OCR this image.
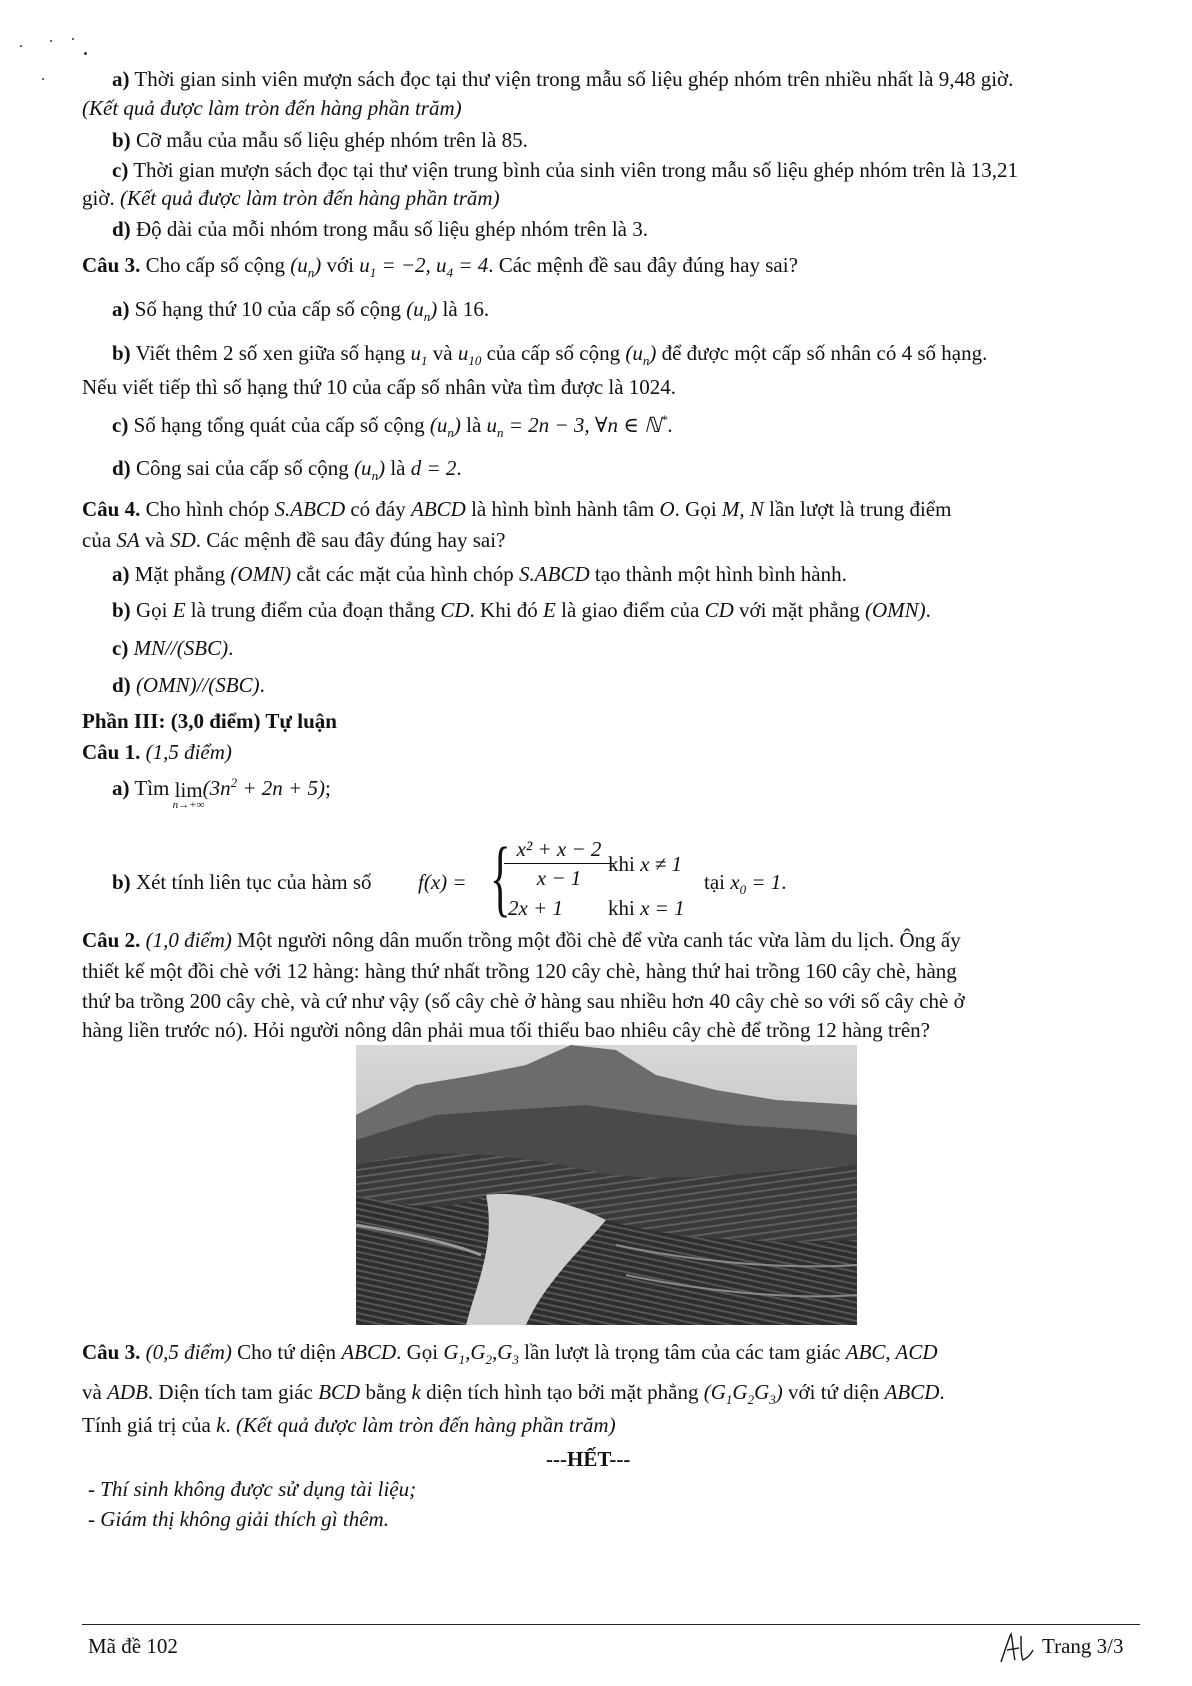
a) Thời gian sinh viên mượn sách đọc tại thư viện trong mẫu số liệu ghép nhóm trên nhiều nhất là 9,48 giờ.
(Kết quả được làm tròn đến hàng phần trăm)
b) Cỡ mẫu của mẫu số liệu ghép nhóm trên là 85.
c) Thời gian mượn sách đọc tại thư viện trung bình của sinh viên trong mẫu số liệu ghép nhóm trên là 13,21
giờ. (Kết quả được làm tròn đến hàng phần trăm)
d) Độ dài của mỗi nhóm trong mẫu số liệu ghép nhóm trên là 3.
Câu 3. Cho cấp số cộng $(u_n)$ với $u_1 = -2$, $u_4 = 4$. Các mệnh đề sau đây đúng hay sai?
a) Số hạng thứ 10 của cấp số cộng $(u_n)$ là 16.
b) Viết thêm 2 số xen giữa số hạng $u_1$ và $u_{10}$ của cấp số cộng $(u_n)$ để được một cấp số nhân có 4 số hạng.
Nếu viết tiếp thì số hạng thứ 10 của cấp số nhân vừa tìm được là 1024.
c) Số hạng tổng quát của cấp số cộng $(u_n)$ là $u_n = 2n - 3$, ∀n ∈ ℕ*.
d) Công sai của cấp số cộng $(u_n)$ là d = 2.
Câu 4. Cho hình chóp S.ABCD có đáy ABCD là hình bình hành tâm O. Gọi M, N lần lượt là trung điểm
của SA và SD. Các mệnh đề sau đây đúng hay sai?
a) Mặt phẳng (OMN) cắt các mặt của hình chóp S.ABCD tạo thành một hình bình hành.
b) Gọi E là trung điểm của đoạn thẳng CD. Khi đó E là giao điểm của CD với mặt phẳng (OMN).
c) MN//(SBC).
d) (OMN)//(SBC).
Phần III: (3,0 điểm) Tự luận
Câu 1. (1,5 điểm)
a) Tìm lim
n→+∞
$(3n^2 + 2n + 5)$;
b) Xét tính liên tục của hàm số f(x) = { x² + x − 2
x − 1
khi x ≠ 1
2x + 1 khi x = 1
tại $x_0 = 1$.
Câu 2. (1,0 điểm) Một người nông dân muốn trồng một đồi chè để vừa canh tác vừa làm du lịch. Ông ấy
thiết kế một đồi chè với 12 hàng: hàng thứ nhất trồng 120 cây chè, hàng thứ hai trồng 160 cây chè, hàng
thứ ba trồng 200 cây chè, và cứ như vậy (số cây chè ở hàng sau nhiều hơn 40 cây chè so với số cây chè ở
hàng liền trước nó). Hỏi người nông dân phải mua tối thiểu bao nhiêu cây chè để trồng 12 hàng trên?
Câu 3. (0,5 điểm) Cho tứ diện ABCD. Gọi $G_1,G_2,G_3$ lần lượt là trọng tâm của các tam giác ABC, ACD
và ADB. Diện tích tam giác BCD bằng k diện tích hình tạo bởi mặt phẳng $(G_1G_2G_3)$ với tứ diện ABCD.
Tính giá trị của k. (Kết quả được làm tròn đến hàng phần trăm)
---HẾT---
- Thí sinh không được sử dụng tài liệu;
- Giám thị không giải thích gì thêm.
Mã đề 102	Trang 3/3
